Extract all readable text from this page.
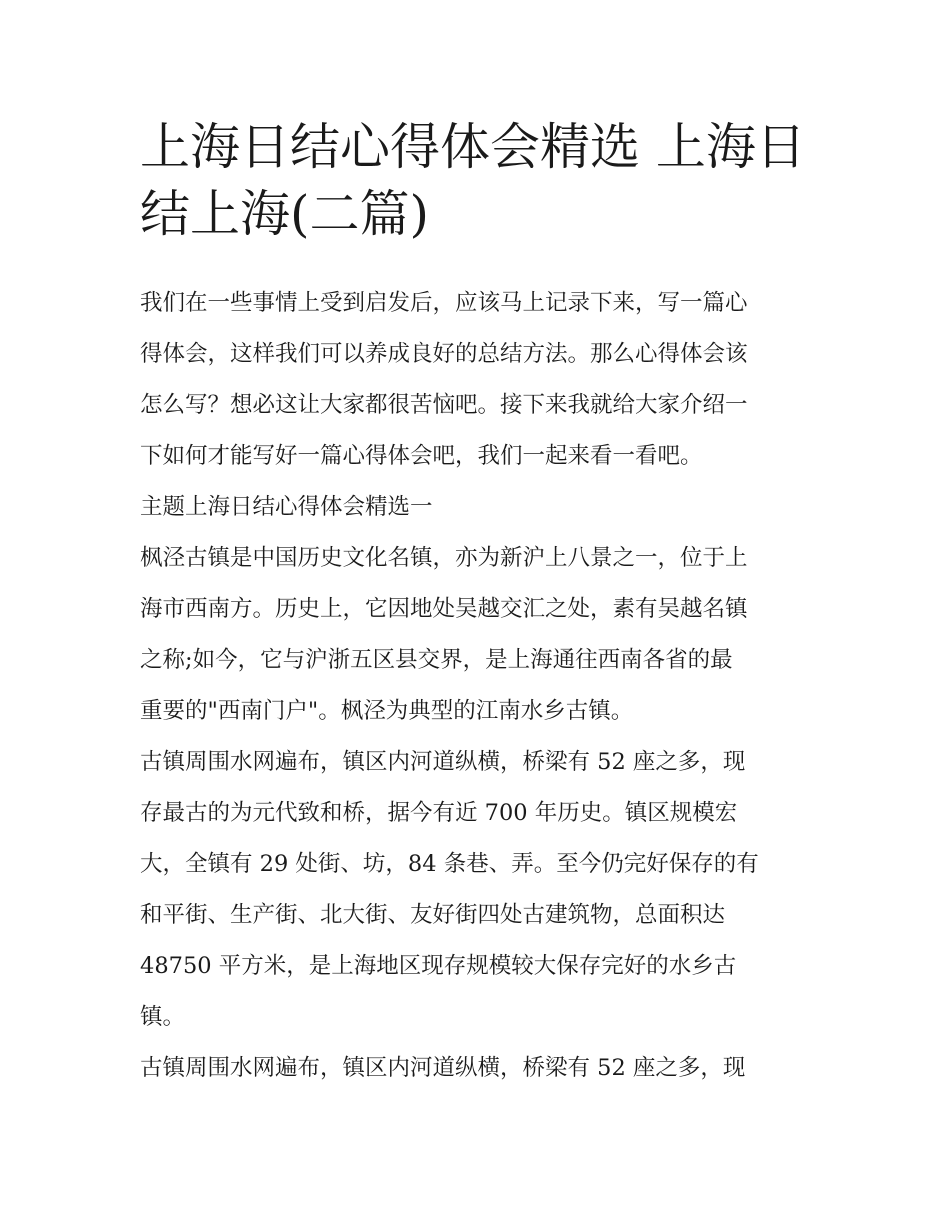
上海日结心得体会精选 上海日
结上海(二篇)

我们在一些事情上受到启发后，应该马上记录下来，写一篇心
得体会，这样我们可以养成良好的总结方法。那么心得体会该
怎么写？想必这让大家都很苦恼吧。接下来我就给大家介绍一
下如何才能写好一篇心得体会吧，我们一起来看一看吧。

主题上海日结心得体会精选一

枫泾古镇是中国历史文化名镇，亦为新沪上八景之一，位于上
海市西南方。历史上，它因地处吴越交汇之处，素有吴越名镇
之称;如今，它与沪浙五区县交界，是上海通往西南各省的最
重要的"西南门户"。枫泾为典型的江南水乡古镇。

古镇周围水网遍布，镇区内河道纵横，桥梁有 52 座之多，现
存最古的为元代致和桥，据今有近 700 年历史。镇区规模宏
大，全镇有 29 处街、坊，84 条巷、弄。至今仍完好保存的有
和平街、生产街、北大街、友好街四处古建筑物，总面积达
48750 平方米，是上海地区现存规模较大保存完好的水乡古
镇。

古镇周围水网遍布，镇区内河道纵横，桥梁有 52 座之多，现
